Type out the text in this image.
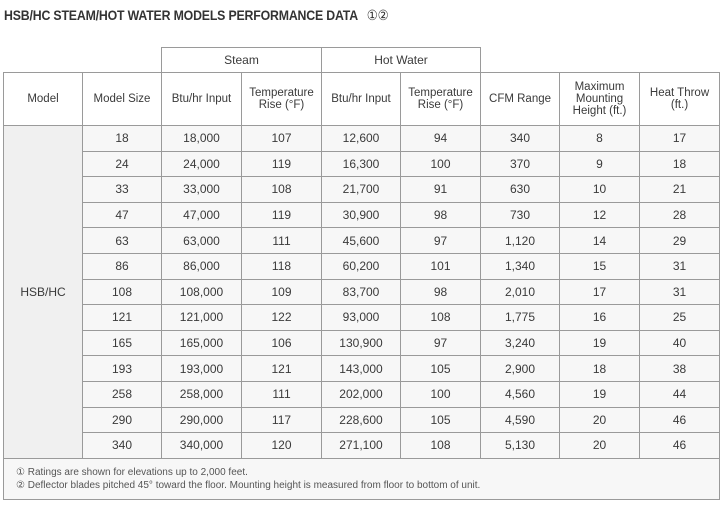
HSB/HC STEAM/HOT WATER MODELS PERFORMANCE DATA ①②
		Steam		Hot Water				
Model	Model Size	Btu/hr Input	Temperature Rise (°F)	Btu/hr Input	Temperature Rise (°F)	CFM Range	Maximum Mounting Height (ft.)	Heat Throw (ft.)
HSB/HC	18	18,000	107	12,600	94	340	8	17
	24	24,000	119	16,300	100	370	9	18
	33	33,000	108	21,700	91	630	10	21
	47	47,000	119	30,900	98	730	12	28
	63	63,000	111	45,600	97	1,120	14	29
	86	86,000	118	60,200	101	1,340	15	31
	108	108,000	109	83,700	98	2,010	17	31
	121	121,000	122	93,000	108	1,775	16	25
	165	165,000	106	130,900	97	3,240	19	40
	193	193,000	121	143,000	105	2,900	18	38
	258	258,000	111	202,000	100	4,560	19	44
	290	290,000	117	228,600	105	4,590	20	46
	340	340,000	120	271,100	108	5,130	20	46

① Ratings are shown for elevations up to 2,000 feet.
② Deflector blades pitched 45° toward the floor. Mounting height is measured from floor to bottom of unit.								
